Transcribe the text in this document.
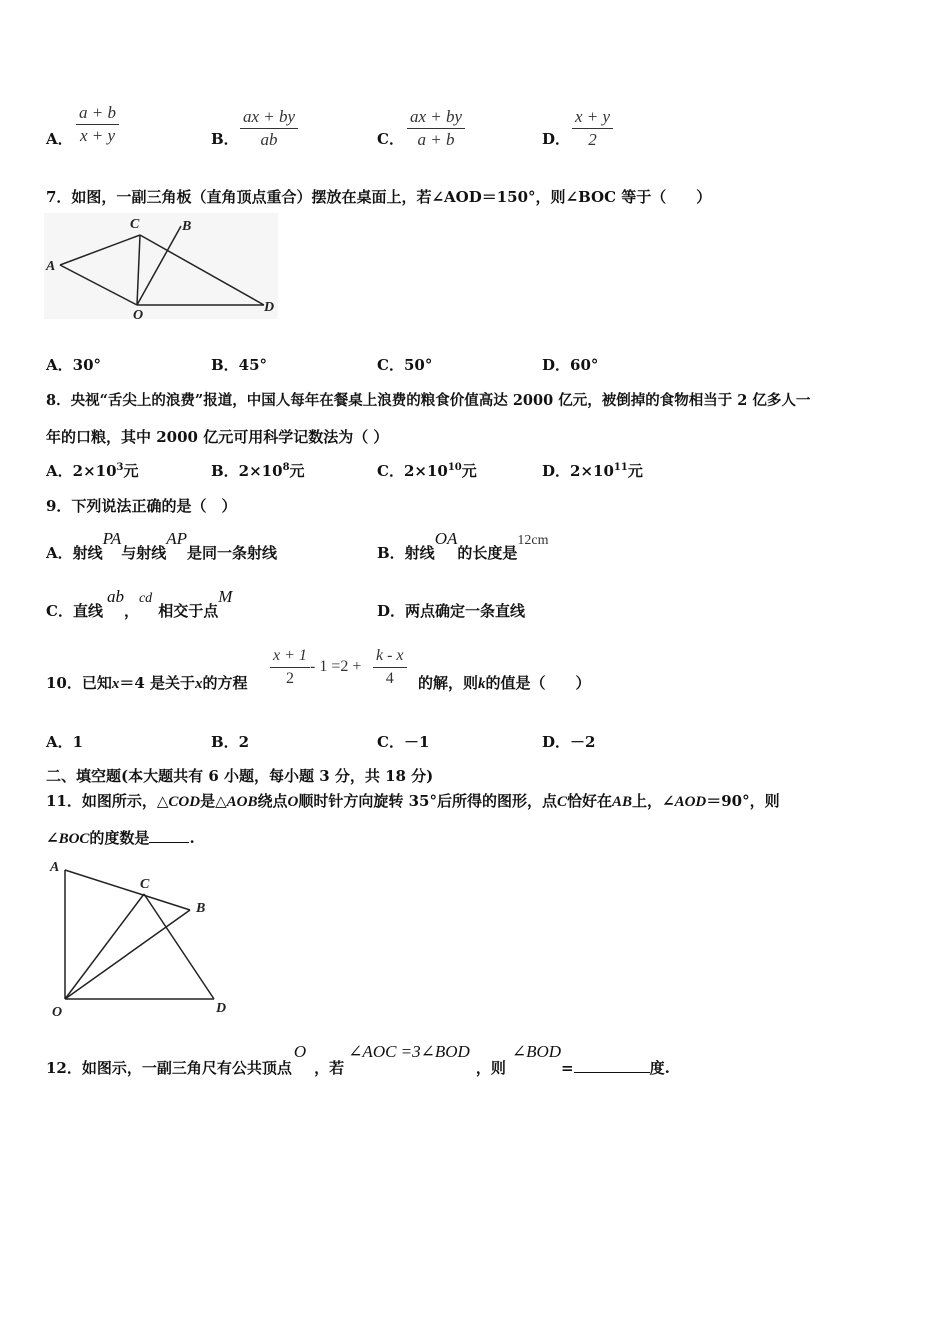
A． $\frac{a + b}{x + y}$	B． $\frac{ax + by}{ab}$	C． $\frac{ax + by}{a + b}$	D． $\frac{x + y}{2}$
7．如图，一副三角板（直角顶点重合）摆放在桌面上，若∠AOD＝150°，则∠BOC 等于（　　）
A
C	B
O
D
A．30°	B．45°	C．50°	D．60°
8．央视“舌尖上的浪费”报道，中国人每年在餐桌上浪费的粮食价值高达 2000 亿元，被倒掉的食物相当于 2 亿多人一
年的口粮，其中 2000 亿元可用科学记数法为（ ）
A．$2\times 10^3$元	B．$2\times 10^8$元	C．$2\times 10^{10}$元	D．$2\times 10^{11}$元
9．下列说法正确的是（　）
A．射线PA与射线AP是同一条射线	B．射线OA的长度是12cm
C．直线ab，cd相交于点M
D．两点确定一条直线
10．已知x＝4 是关于x的方程 $\frac{x + 1}{2} - 1 =2 + \frac{k - x}{4}$ 的解，则k的值是（　　）
A．1	B．2	C．－1	D．－2
二、填空题(本大题共有 6 小题，每小题 3 分，共 18 分)
11．如图所示，△COD是△AOB绕点O顺时针方向旋转 35°后所得的图形，点C恰好在AB上，∠AOD＝90°，则
∠BOC的度数是	.
A
C
B
O	D
12．如图示，一副三角尺有公共顶点O，若∠AOC =3∠BOD，则∠BOD=	度.
